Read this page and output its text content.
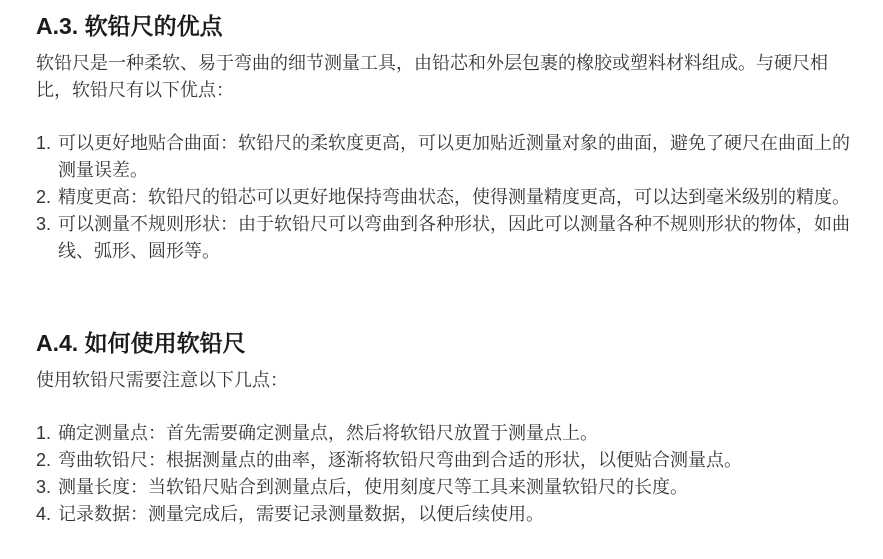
A.3. 软铅尺的优点

软铅尺是一种柔软、易于弯曲的细节测量工具，由铅芯和外层包裹的橡胶或塑料材料组成。与硬尺相比，软铅尺有以下优点：

1. 可以更好地贴合曲面：软铅尺的柔软度更高，可以更加贴近测量对象的曲面，避免了硬尺在曲面上的测量误差。
2. 精度更高：软铅尺的铅芯可以更好地保持弯曲状态，使得测量精度更高，可以达到毫米级别的精度。
3. 可以测量不规则形状：由于软铅尺可以弯曲到各种形状，因此可以测量各种不规则形状的物体，如曲线、弧形、圆形等。
A.4. 如何使用软铅尺

使用软铅尺需要注意以下几点：

1. 确定测量点：首先需要确定测量点，然后将软铅尺放置于测量点上。
2. 弯曲软铅尺：根据测量点的曲率，逐渐将软铅尺弯曲到合适的形状，以便贴合测量点。
3. 测量长度：当软铅尺贴合到测量点后，使用刻度尺等工具来测量软铅尺的长度。
4. 记录数据：测量完成后，需要记录测量数据，以便后续使用。
